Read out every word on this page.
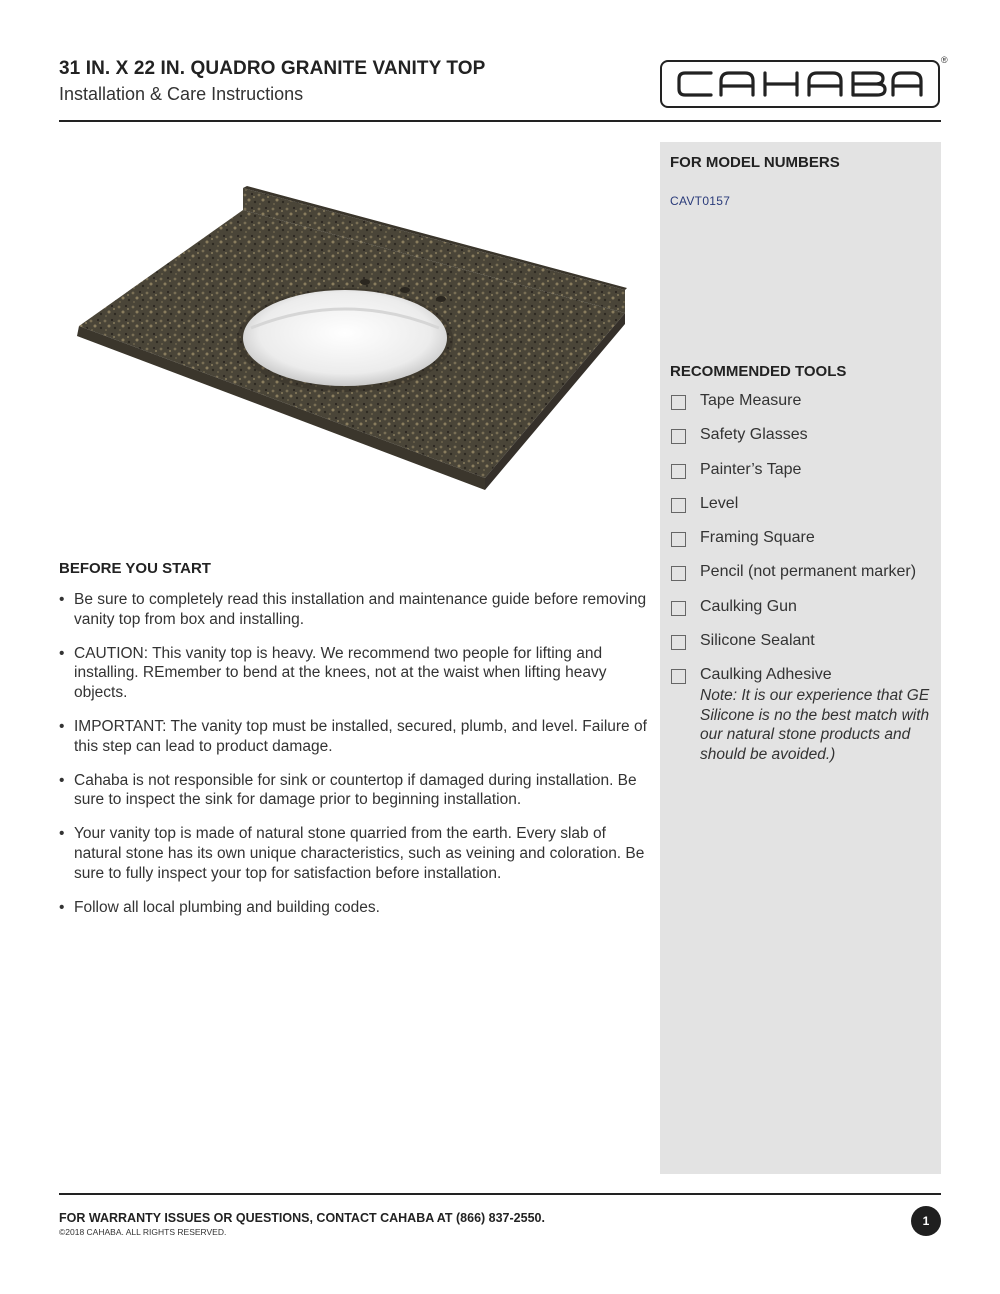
31 IN. X 22 IN. QUADRO GRANITE VANITY TOP
Installation & Care Instructions
®
FOR MODEL NUMBERS
CAVT0157
RECOMMENDED TOOLS
Tape Measure
Safety Glasses
Painter’s Tape
Level
Framing Square
Pencil (not permanent marker)
Caulking Gun
Silicone Sealant
Caulking Adhesive
Note: It is our experience that GE Silicone is no the best match with our natural stone products and should be avoided.)
BEFORE YOU START
• Be sure to completely read this installation and maintenance guide before removing vanity top from box and installing.
• CAUTION: This vanity top is heavy. We recommend two people for lifting and installing. REmember to bend at the knees, not at the waist when lifting heavy objects.
• IMPORTANT: The vanity top must be installed, secured, plumb, and level. Failure of this step can lead to product damage.
• Cahaba is not responsible for sink or countertop if damaged during installation. Be sure to inspect the sink for damage prior to beginning installation.
• Your vanity top is made of natural stone quarried from the earth. Every slab of natural stone has its own unique characteristics, such as veining and coloration. Be sure to fully inspect your top for satisfaction before installation.
• Follow all local plumbing and building codes.
FOR WARRANTY ISSUES OR QUESTIONS, CONTACT CAHABA AT (866) 837-2550.
©2018 CAHABA. ALL RIGHTS RESERVED.
1
